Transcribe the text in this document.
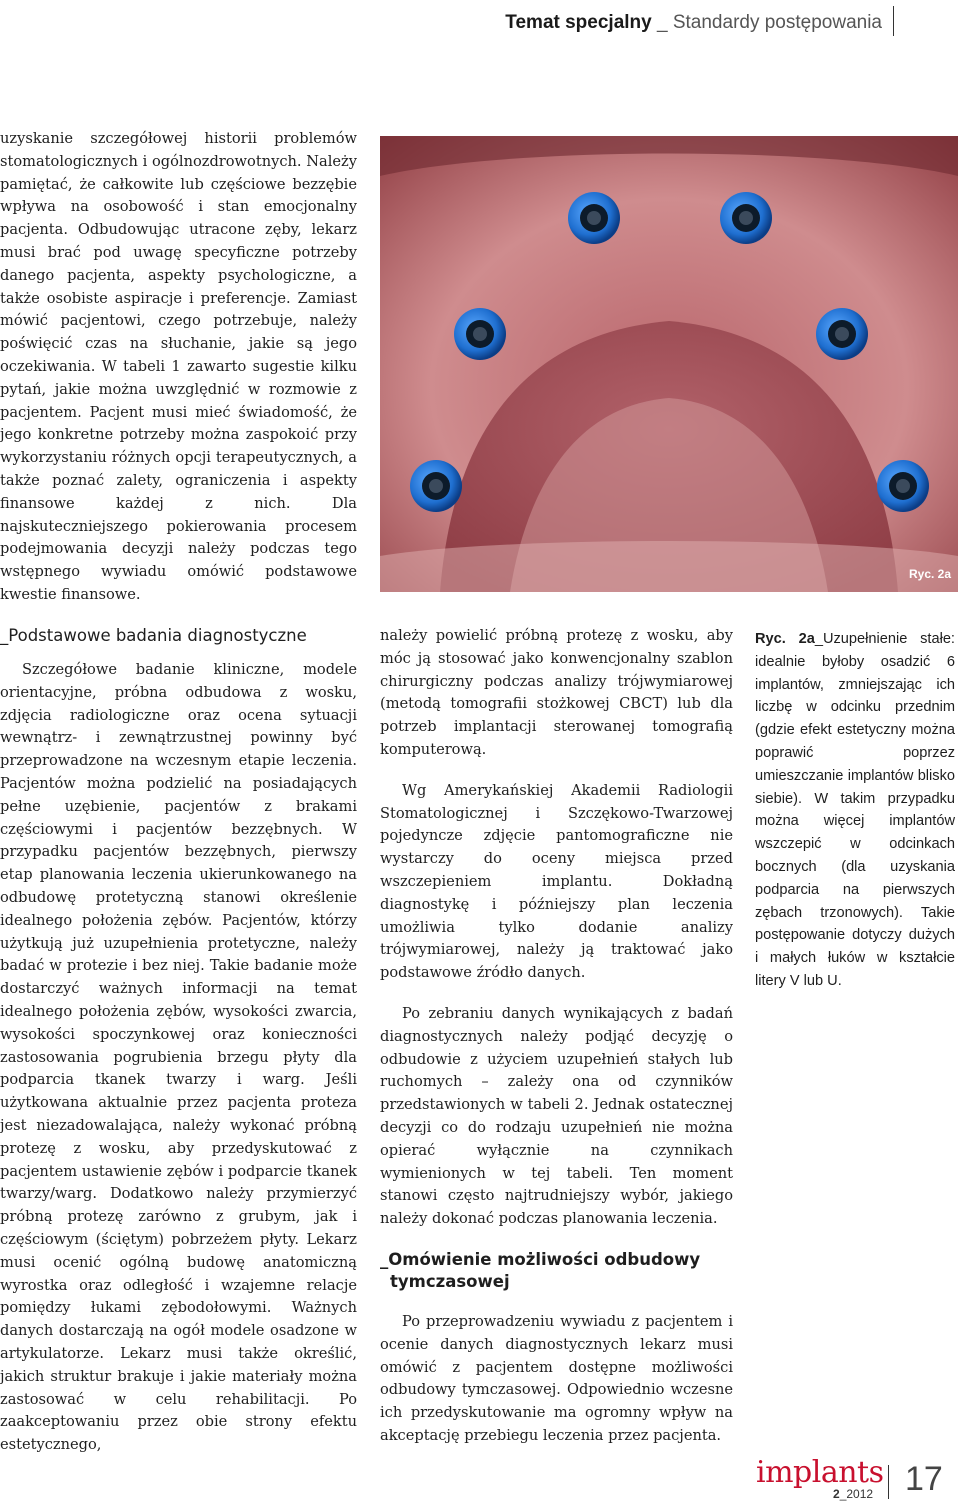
Temat specjalny _ Standardy postępowania

uzyskanie szczegółowej historii problemów stomatologicznych i ogólnozdrowotnych. Należy pamiętać, że całkowite lub częściowe bezzębie wpływa na osobowość i stan emocjonalny pacjenta. Odbudowując utracone zęby, lekarz musi brać pod uwagę specyficzne potrzeby danego pacjenta, aspekty psychologiczne, a także osobiste aspiracje i preferencje. Zamiast mówić pacjentowi, czego potrzebuje, należy poświęcić czas na słuchanie, jakie są jego oczekiwania. W tabeli 1 zawarto sugestie kilku pytań, jakie można uwzględnić w rozmowie z pacjentem. Pacjent musi mieć świadomość, że jego konkretne potrzeby można zaspokoić przy wykorzystaniu różnych opcji terapeutycznych, a także poznać zalety, ograniczenia i aspekty finansowe każdej z nich. Dla najskuteczniejszego pokierowania procesem podejmowania decyzji należy podczas tego wstępnego wywiadu omówić podstawowe kwestie finansowe.

Ryc. 2a
_Podstawowe badania diagnostyczne

Szczegółowe badanie kliniczne, modele orientacyjne, próbna odbudowa z wosku, zdjęcia radiologiczne oraz ocena sytuacji wewnątrz- i zewnątrzustnej powinny być przeprowadzone na wczesnym etapie leczenia. Pacjentów można podzielić na posiadających pełne uzębienie, pacjentów z brakami częściowymi i pacjentów bezzębnych. W przypadku pacjentów bezzębnych, pierwszy etap planowania leczenia ukierunkowanego na odbudowę protetyczną stanowi określenie idealnego położenia zębów. Pacjentów, którzy użytkują już uzupełnienia protetyczne, należy badać w protezie i bez niej. Takie badanie może dostarczyć ważnych informacji na temat idealnego położenia zębów, wysokości zwarcia, wysokości spoczynkowej oraz konieczności zastosowania pogrubienia brzegu płyty dla podparcia tkanek twarzy i warg. Jeśli użytkowana aktualnie przez pacjenta proteza jest niezadowalająca, należy wykonać próbną protezę z wosku, aby przedyskutować z pacjentem ustawienie zębów i podparcie tkanek twarzy/warg. Dodatkowo należy przymierzyć próbną protezę zarówno z grubym, jak i częściowym (ściętym) pobrzeżem płyty. Lekarz musi ocenić ogólną budowę anatomiczną wyrostka oraz odległość i wzajemne relacje pomiędzy łukami zębodołowymi. Ważnych danych dostarczają na ogół modele osadzone w artykulatorze. Lekarz musi także określić, jakich struktur brakuje i jakie materiały można zastosować w celu rehabilitacji. Po zaakceptowaniu przez obie strony efektu estetycznego,

należy powielić próbną protezę z wosku, aby móc ją stosować jako konwencjonalny szablon chirurgiczny podczas analizy trójwymiarowej (metodą tomografii stożkowej CBCT) lub dla potrzeb implantacji sterowanej tomografią komputerową.

Wg Amerykańskiej Akademii Radiologii Stomatologicznej i Szczękowo-Twarzowej pojedyncze zdjęcie pantomograficzne nie wystarczy do oceny miejsca przed wszczepieniem implantu. Dokładną diagnostykę i późniejszy plan leczenia umożliwia tylko dodanie analizy trójwymiarowej, należy ją traktować jako podstawowe źródło danych.

Po zebraniu danych wynikających z badań diagnostycznych należy podjąć decyzję o odbudowie z użyciem uzupełnień stałych lub ruchomych – zależy ona od czynników przedstawionych w tabeli 2. Jednak ostatecznej decyzji co do rodzaju uzupełnień nie można opierać wyłącznie na czynnikach wymienionych w tej tabeli. Ten moment stanowi często najtrudniejszy wybór, jakiego należy dokonać podczas planowania leczenia.

_Omówienie możliwości odbudowy tymczasowej

Po przeprowadzeniu wywiadu z pacjentem i ocenie danych diagnostycznych lekarz musi omówić z pacjentem dostępne możliwości odbudowy tymczasowej. Odpowiednio wczesne ich przedyskutowanie ma ogromny wpływ na akceptację przebiegu leczenia przez pacjenta.

Ryc. 2a_Uzupełnienie stałe: idealnie byłoby osadzić 6 implantów, zmniejszając ich liczbę w odcinku przednim (gdzie efekt estetyczny można poprawić poprzez umieszczanie implantów blisko siebie). W takim przypadku można więcej implantów wszczepić w odcinkach bocznych (dla uzyskania podparcia na pierwszych zębach trzonowych). Takie postępowanie dotyczy dużych i małych łuków w kształcie litery V lub U.

implants
2_2012 17
